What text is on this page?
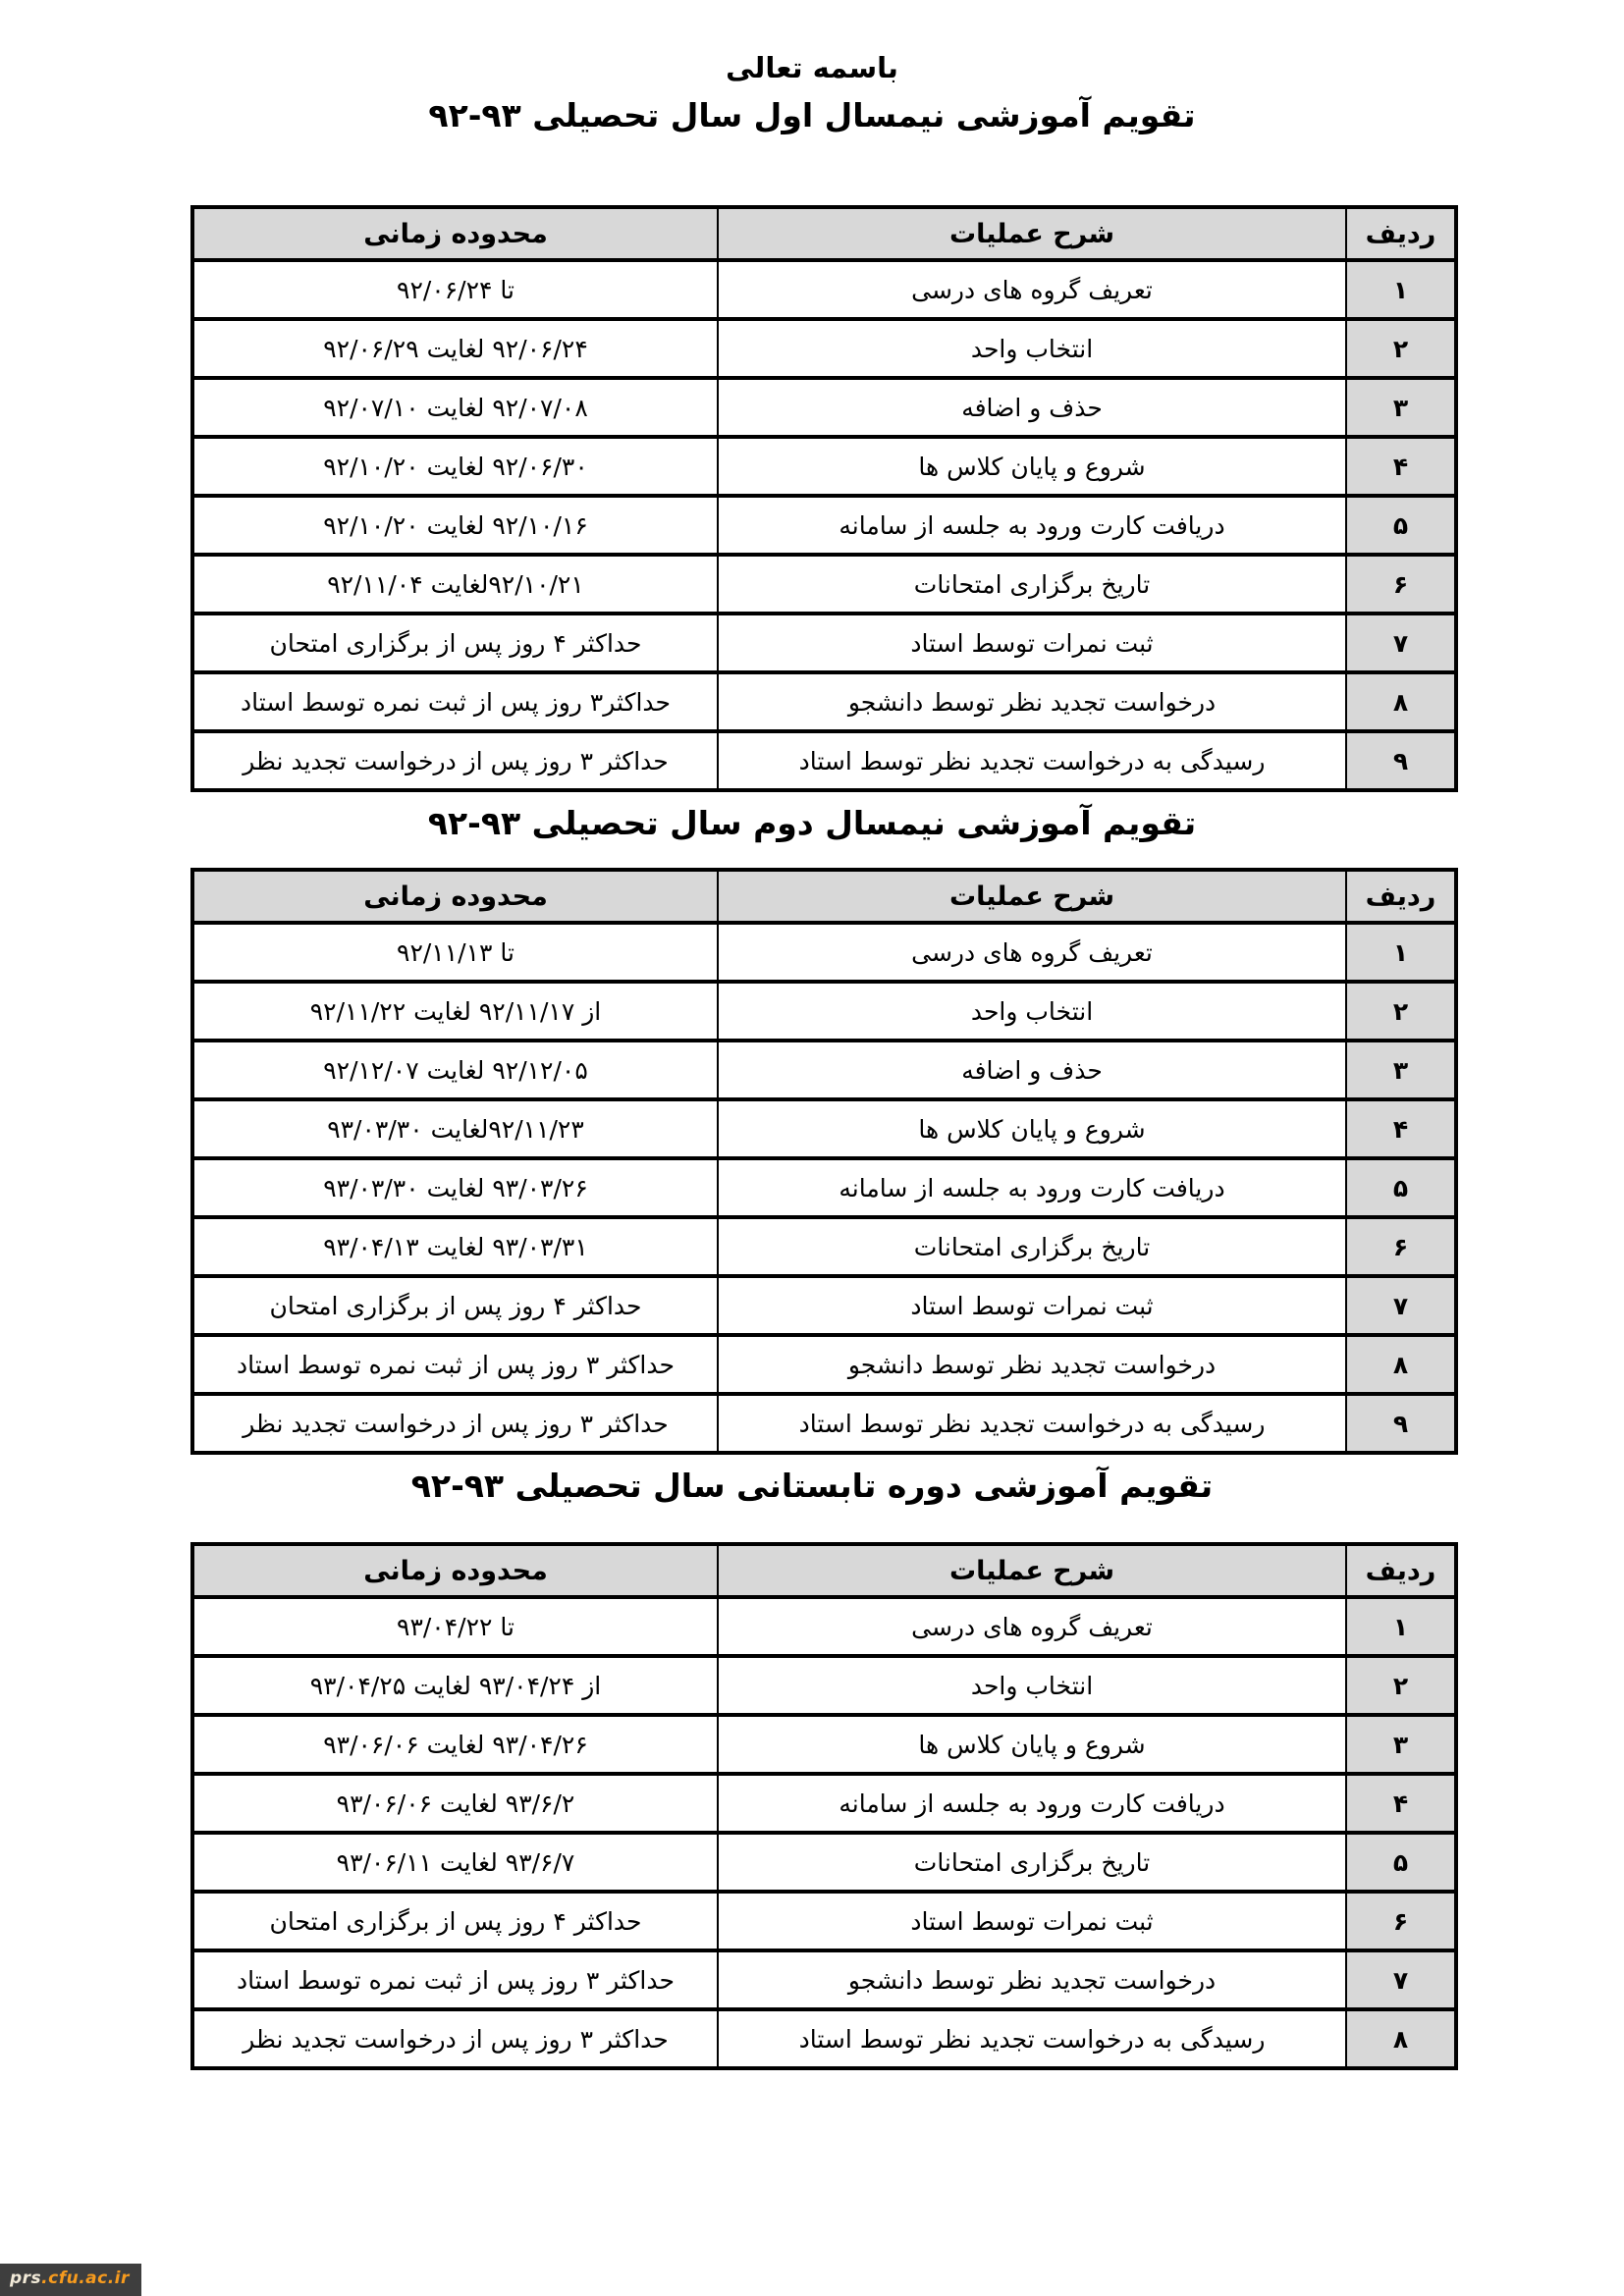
باسمه تعالی
تقویم آموزشی نیمسال اول سال تحصیلی ۹۳-۹۲
ردیف	شرح عملیات	محدوده زمانی
۱	تعریف گروه های درسی	تا ۹۲/۰۶/۲۴
۲	انتخاب واحد	۹۲/۰۶/۲۴ لغایت ۹۲/۰۶/۲۹
۳	حذف و اضافه	۹۲/۰۷/۰۸ لغایت ۹۲/۰۷/۱۰
۴	شروع و پایان کلاس ها	۹۲/۰۶/۳۰ لغایت ۹۲/۱۰/۲۰
۵	دریافت کارت ورود به جلسه از سامانه	۹۲/۱۰/۱۶ لغایت ۹۲/۱۰/۲۰
۶	تاریخ برگزاری امتحانات	۹۲/۱۰/۲۱لغایت ۹۲/۱۱/۰۴
۷	ثبت نمرات توسط استاد	حداکثر ۴ روز پس از برگزاری امتحان
۸	درخواست تجدید نظر توسط دانشجو	حداکثر۳ روز پس از ثبت نمره توسط استاد
۹	رسیدگی به درخواست تجدید نظر توسط استاد	حداکثر ۳ روز پس از درخواست تجدید نظر
تقویم آموزشی نیمسال دوم سال تحصیلی ۹۳-۹۲
ردیف	شرح عملیات	محدوده زمانی
۱	تعریف گروه های درسی	تا ۹۲/۱۱/۱۳
۲	انتخاب واحد	از ۹۲/۱۱/۱۷ لغایت ۹۲/۱۱/۲۲
۳	حذف و اضافه	۹۲/۱۲/۰۵ لغایت ۹۲/۱۲/۰۷
۴	شروع و پایان کلاس ها	۹۲/۱۱/۲۳لغایت ۹۳/۰۳/۳۰
۵	دریافت کارت ورود به جلسه از سامانه	۹۳/۰۳/۲۶ لغایت ۹۳/۰۳/۳۰
۶	تاریخ برگزاری امتحانات	۹۳/۰۳/۳۱ لغایت ۹۳/۰۴/۱۳
۷	ثبت نمرات توسط استاد	حداکثر ۴ روز پس از برگزاری امتحان
۸	درخواست تجدید نظر توسط دانشجو	حداکثر ۳ روز پس از ثبت نمره توسط استاد
۹	رسیدگی به درخواست تجدید نظر توسط استاد	حداکثر ۳ روز پس از درخواست تجدید نظر
تقویم آموزشی دوره تابستانی سال تحصیلی ۹۳-۹۲
ردیف	شرح عملیات	محدوده زمانی
۱	تعریف گروه های درسی	تا ۹۳/۰۴/۲۲
۲	انتخاب واحد	از ۹۳/۰۴/۲۴ لغایت ۹۳/۰۴/۲۵
۳	شروع و پایان کلاس ها	۹۳/۰۴/۲۶ لغایت ۹۳/۰۶/۰۶
۴	دریافت کارت ورود به جلسه از سامانه	۹۳/۶/۲ لغایت ۹۳/۰۶/۰۶
۵	تاریخ برگزاری امتحانات	۹۳/۶/۷ لغایت ۹۳/۰۶/۱۱
۶	ثبت نمرات توسط استاد	حداکثر ۴ روز پس از برگزاری امتحان
۷	درخواست تجدید نظر توسط دانشجو	حداکثر ۳ روز پس از ثبت نمره توسط استاد
۸	رسیدگی به درخواست تجدید نظر توسط استاد	حداکثر ۳ روز پس از درخواست تجدید نظر
prs.cfu.ac.ir
